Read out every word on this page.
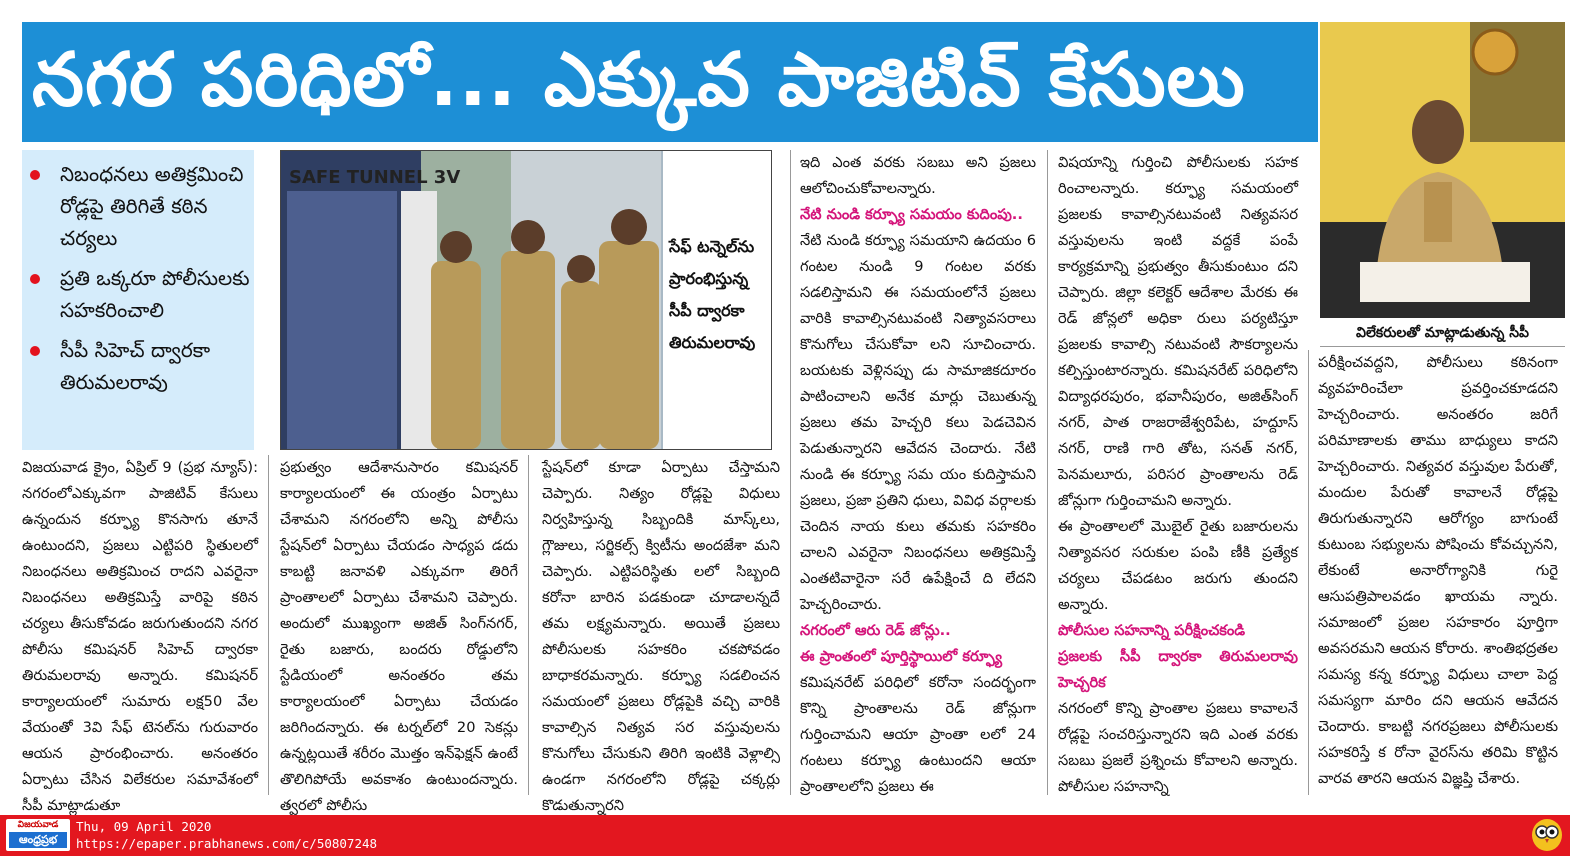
నగర పరిధిలో... ఎక్కువ పాజిటివ్ కేసులు
విలేకరులతో మాట్లాడుతున్న సీపీ
నిబంధనలు అతిక్రమించి రోడ్లపై తిరిగితే కఠిన చర్యలు
ప్రతి ఒక్కరూ పోలీసులకు సహకరించాలి
సీపీ సిహెచ్ ద్వారకా తిరుమలరావు
SAFE TUNNEL 3V
సేఫ్ టన్నెల్‌ను ప్రారంభిస్తున్న సీపీ ద్వారకా తిరుమలరావు

విజయవాడ క్రైం, ఏప్రిల్ 9 (ప్రభ న్యూస్): నగరంలోఎక్కువగా పాజిటివ్ కేసులు ఉన్నందున కర్ఫ్యూ కొనసాగు తూనే ఉంటుందని, ప్రజలు ఎట్టిపరి స్థితులలో నిబంధనలు అతిక్రమించ రాదని ఎవరైనా నిబంధనలు అతిక్రమిస్తే వారిపై కఠిన చర్యలు తీసుకోవడం జరుగుతుందని నగర పోలీసు కమిషనర్ సిహెచ్ ద్వారకా తిరుమలరావు అన్నారు. కమిషనర్ కార్యాలయంలో సుమారు లక్ష50 వేల వేయంతో 3వి సేఫ్ టెనల్‌ను గురువారం ఆయన ప్రారంభించారు. అనంతరం ఏర్పాటు చేసిన విలేకరుల సమావేశంలో సీపీ మాట్లాడుతూ

ప్రభుత్వం ఆదేశానుసారం కమిషనర్ కార్యాలయంలో ఈ యంత్రం ఏర్పాటు చేశామని నగరంలోని అన్ని పోలీసు స్టేషన్‌లో ఏర్పాటు చేయడం సాధ్యప డదు కాబట్టి జనావళి ఎక్కువగా తిరిగే ప్రాంతాలలో ఏర్పాటు చేశామని చెప్పారు. అందులో ముఖ్యంగా అజిత్ సింగ్‌నగర్, రైతు బజారు, బందరు రోడ్డులోని స్టేడియంలో అనంతరం తమ కార్యాలయంలో ఏర్పాటు చేయడం జరిగిందన్నారు. ఈ టర్నల్‌లో 20 సెకన్లు ఉన్నట్లయితే శరీరం మొత్తం ఇన్‌ఫెక్షన్ ఉంటే తొలిగిపోయే అవకాశం ఉంటుందన్నారు. త్వరలో పోలీసు

స్టేషన్‌లో కూడా ఏర్పాటు చేస్తామని చెప్పారు. నిత్యం రోడ్లపై విధులు నిర్వహిస్తున్న సిబ్బందికి మాస్క్‌లు, గ్లౌజులు, సర్జికల్స్ క్విటీను అందజేశా మని చెప్పారు. ఎట్టిపరిస్థితు లలో సిబ్బంది కరోనా బారిన పడకుండా చూడాలన్నదే తమ లక్ష్యమన్నారు. అయితే ప్రజలు పోలీసులకు సహకరిం చకపోవడం బాధాకరమన్నారు. కర్ఫ్యూ సడలించన సమయంలో ప్రజలు రోడ్లపైకి వచ్చి వారికి కావాల్సిన నిత్యవ సర వస్తువులను కొనుగోలు చేసుకుని తిరిగి ఇంటికి వెళ్లాల్సి ఉండగా నగరంలోని రోడ్లపై చక్కర్లు కొడుతున్నారని

ఇది ఎంత వరకు సబబు అని ప్రజలు ఆలోచించుకోవాలన్నారు.

నేటి నుండి కర్ఫ్యూ సమయం కుదింపు..

నేటి నుండి కర్ఫ్యూ సమయాని ఉదయం 6 గంటల నుండి 9 గంటల వరకు సడలిస్తామని ఈ సమయంలోనే ప్రజలు వారికి కావాల్సినటువంటి నిత్యావసరాలు కొనుగోలు చేసుకోవా లని సూచించారు. బయటకు వెళ్లినప్పు డు సామాజికదూరం పాటించాలని అనేక మార్లు చెబుతున్న ప్రజలు తమ హెచ్చరి కలు పెడచెవిన పెడుతున్నారని ఆవేదన చెందారు. నేటి నుండి ఈ కర్ఫ్యూ సమ యం కుదిస్తామని ప్రజలు, ప్రజా ప్రతిని ధులు, వివిధ వర్గాలకు చెందిన నాయ కులు తమకు సహకరిం చాలని ఎవరైనా నిబంధనలు అతిక్రమిస్తే ఎంతటివారైనా సరే ఉపేక్షించే ది లేదని హెచ్చరించారు.

నగరంలో ఆరు రెడ్ జోన్లు..

ఈ ప్రాంతంలో పూర్తిస్థాయిలో కర్ఫ్యూ

కమిషనరేట్ పరిధిలో కరోనా సందర్భంగా కొన్ని ప్రాంతాలను రెడ్ జోన్లుగా గుర్తించామని ఆయా ప్రాంతా లలో 24 గంటలు కర్ఫ్యూ ఉంటుందని ఆయా ప్రాంతాలలోని ప్రజలు ఈ

విషయాన్ని గుర్తించి పోలీసులకు సహక రించాలన్నారు. కర్ఫ్యూ సమయంలో ప్రజలకు కావాల్సినటువంటి నిత్యవసర వస్తువులను ఇంటి వద్దకే పంపే కార్యక్రమాన్ని ప్రభుత్వం తీసుకుంటుం దని చెప్పారు. జిల్లా కలెక్టర్ ఆదేశాల మేరకు ఈ రెడ్ జోన్లలో అధికా రులు పర్యటిస్తూ ప్రజలకు కావాల్సి నటువంటి సౌకర్యాలను కల్పిస్తుంటారన్నారు. కమిషనరేట్ పరిధిలోని విద్యాధరపురం, భవానీపురం, అజిత్‌సింగ్ నగర్, పాత రాజరాజేశ్వరిపేట, హద్దూస్ నగర్, రాణి గారి తోట, సనత్ నగర్, పెనమలూరు, పరిసర ప్రాంతాలను రెడ్ జోన్లుగా గుర్తించామని అన్నారు.

ఈ ప్రాంతాలలో మొబైల్ రైతు బజారులను నిత్యావసర సరుకుల పంపి ణీకి ప్రత్యేక చర్యలు చేపడటం జరుగు తుందని అన్నారు.

పోలీసుల సహనాన్ని పరీక్షించకండి

ప్రజలకు సీపీ ద్వారకా తిరుమలరావు హెచ్చరిక

నగరంలో కొన్ని ప్రాంతాల ప్రజలు కావాలనే రోడ్లపై సంచరిస్తున్నారని ఇది ఎంత వరకు సబబు ప్రజలే ప్రశ్నించు కోవాలని అన్నారు. పోలీసుల సహనాన్ని

పరీక్షించవద్దని, పోలీసులు కఠినంగా వ్యవహరించేలా ప్రవర్తించకూడదని హెచ్చరించారు. అనంతరం జరిగే పరిమాణాలకు తాము బాధ్యులు కాదని హెచ్చరించారు. నిత్యవర వస్తువుల పేరుతో, మందుల పేరుతో కావాలనే రోడ్లపై తిరుగుతున్నారని ఆరోగ్యం బాగుంటే కుటుంబ సభ్యులను పోషించు కోవచ్చునని, లేకుంటే అనారోగ్యానికి గురై ఆసుపత్రిపాలవడం ఖాయమ న్నారు. సమాజంలో ప్రజల సహకారం పూర్తిగా అవసరమని ఆయన కోరారు. శాంతిభద్రతల సమస్య కన్న కర్ఫ్యూ విధులు చాలా పెద్ద సమస్యగా మారిం దని ఆయన ఆవేదన చెందారు. కాబట్టి నగరప్రజలు పోలీసులకు సహకరిస్తే క రోనా వైరస్‌ను తరిమి కొట్టిన వారవ తారని ఆయన విజ్ఞప్తి చేశారు.

విజయవాడ
ఆంధ్రప్రభ
Thu, 09 April 2020
https://epaper.prabhanews.com/c/50807248
